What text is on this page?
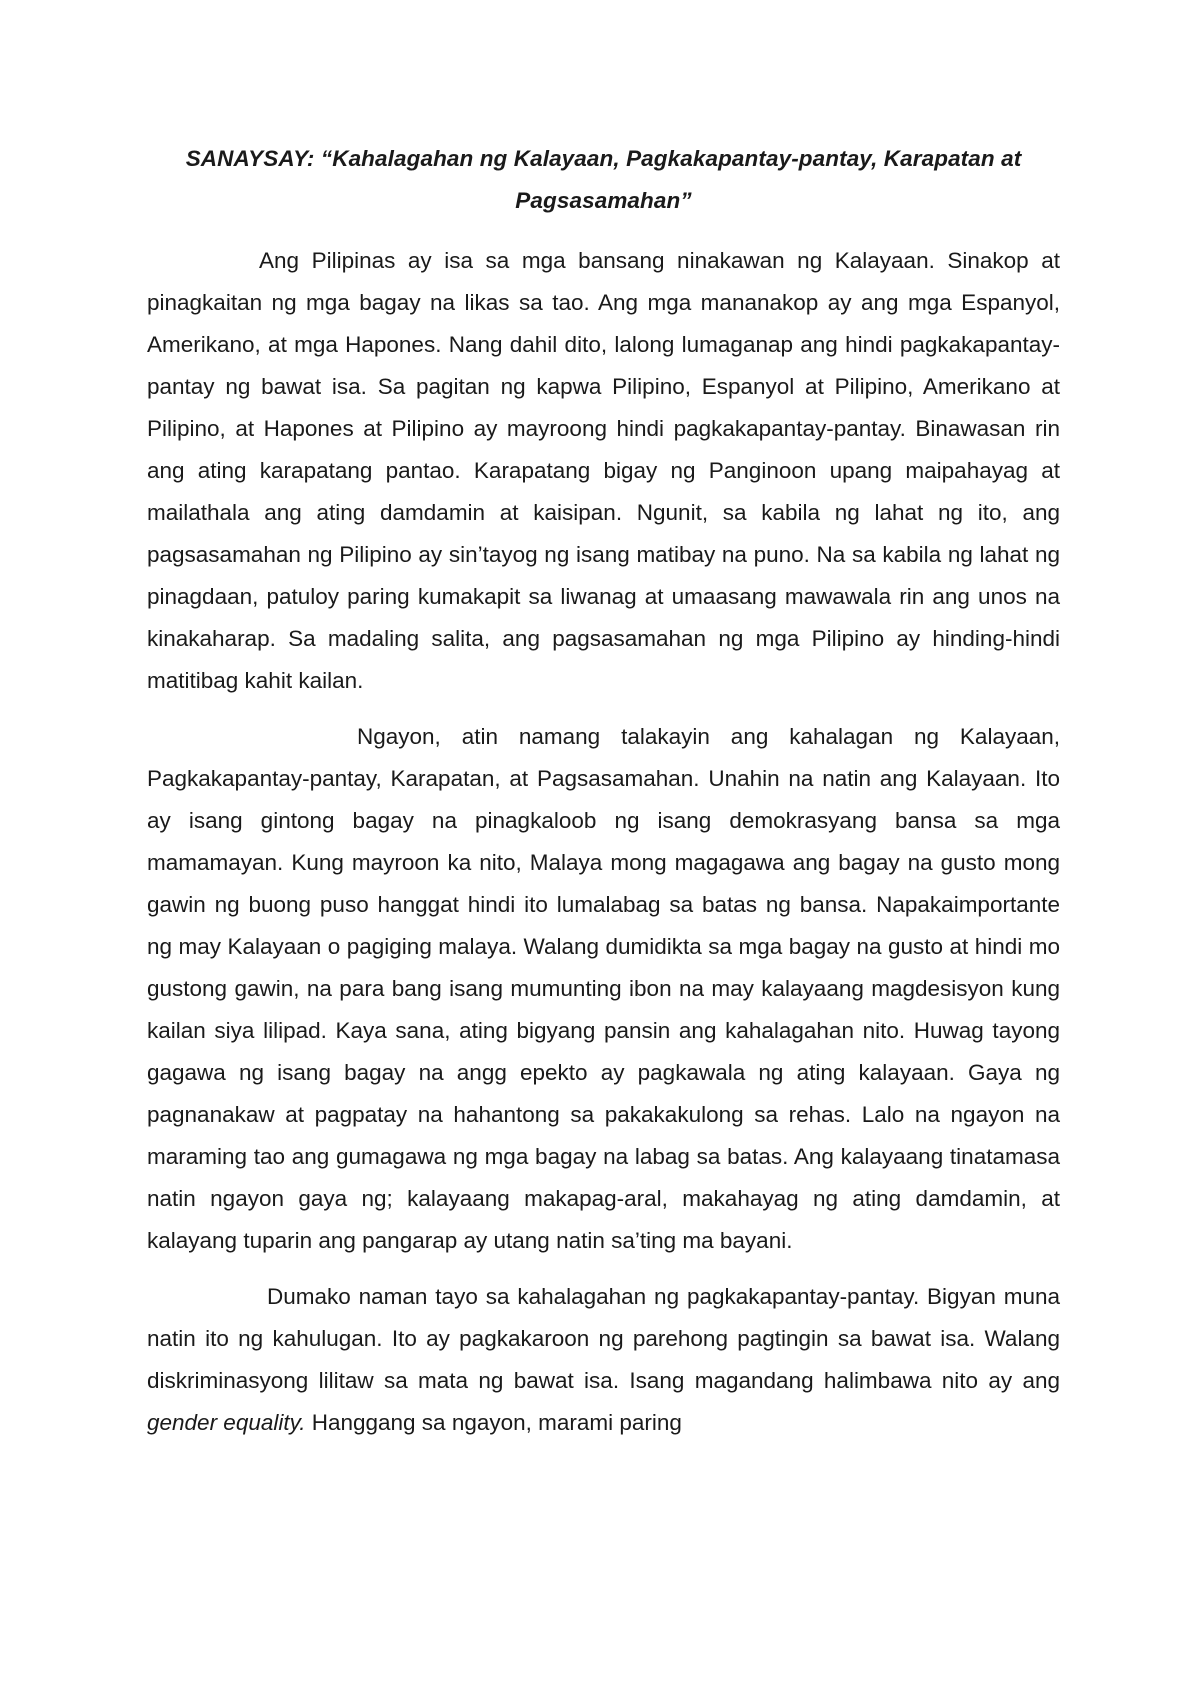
SANAYSAY: “Kahalagahan ng Kalayaan, Pagkakapantay-pantay, Karapatan at Pagsasamahan”

Ang Pilipinas ay isa sa mga bansang ninakawan ng Kalayaan. Sinakop at pinagkaitan ng mga bagay na likas sa tao. Ang mga mananakop ay ang mga Espanyol, Amerikano, at mga Hapones. Nang dahil dito, lalong lumaganap ang hindi pagkakapantay-pantay ng bawat isa. Sa pagitan ng kapwa Pilipino, Espanyol at Pilipino, Amerikano at Pilipino, at Hapones at Pilipino ay mayroong hindi pagkakapantay-pantay. Binawasan rin ang ating karapatang pantao. Karapatang bigay ng Panginoon upang maipahayag at mailathala ang ating damdamin at kaisipan. Ngunit, sa kabila ng lahat ng ito, ang pagsasamahan ng Pilipino ay sin’tayog ng isang matibay na puno. Na sa kabila ng lahat ng pinagdaan, patuloy paring kumakapit sa liwanag at umaasang mawawala rin ang unos na kinakaharap. Sa madaling salita, ang pagsasamahan ng mga Pilipino ay hinding-hindi matitibag kahit kailan.

Ngayon, atin namang talakayin ang kahalagan ng Kalayaan, Pagkakapantay-pantay, Karapatan, at Pagsasamahan. Unahin na natin ang Kalayaan. Ito ay isang gintong bagay na pinagkaloob ng isang demokrasyang bansa sa mga mamamayan. Kung mayroon ka nito, Malaya mong magagawa ang bagay na gusto mong gawin ng buong puso hanggat hindi ito lumalabag sa batas ng bansa. Napakaimportante ng may Kalayaan o pagiging malaya. Walang dumidikta sa mga bagay na gusto at hindi mo gustong gawin, na para bang isang mumunting ibon na may kalayaang magdesisyon kung kailan siya lilipad. Kaya sana, ating bigyang pansin ang kahalagahan nito. Huwag tayong gagawa ng isang bagay na angg epekto ay pagkawala ng ating kalayaan. Gaya ng pagnanakaw at pagpatay na hahantong sa pakakakulong sa rehas. Lalo na ngayon na maraming tao ang gumagawa ng mga bagay na labag sa batas. Ang kalayaang tinatamasa natin ngayon gaya ng; kalayaang makapag-aral, makahayag ng ating damdamin, at kalayang tuparin ang pangarap ay utang natin sa’ting ma bayani.

Dumako naman tayo sa kahalagahan ng pagkakapantay-pantay. Bigyan muna natin ito ng kahulugan. Ito ay pagkakaroon ng parehong pagtingin sa bawat isa. Walang diskriminasyong lilitaw sa mata ng bawat isa. Isang magandang halimbawa nito ay ang gender equality. Hanggang sa ngayon, marami paring
